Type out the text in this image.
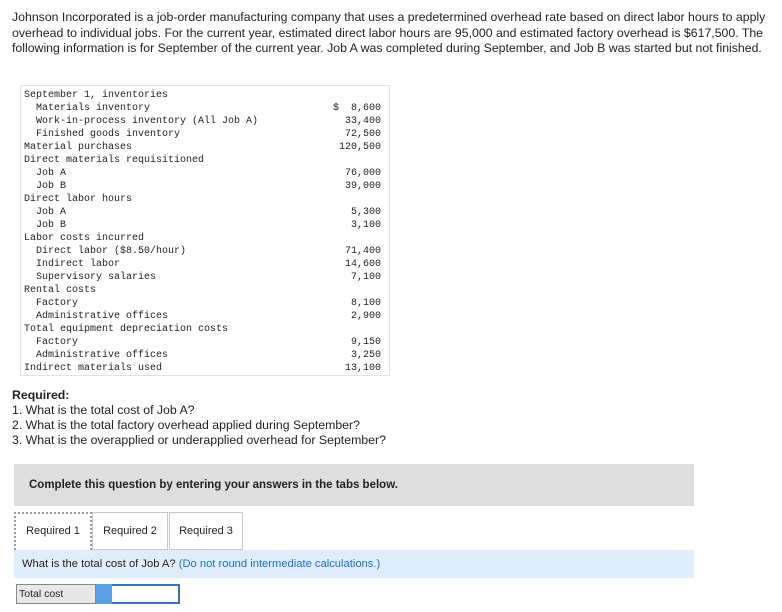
Johnson Incorporated is a job-order manufacturing company that uses a predetermined overhead rate based on direct labor hours to apply overhead to individual jobs. For the current year, estimated direct labor hours are 95,000 and estimated factory overhead is $617,500. The following information is for September of the current year. Job A was completed during September, and Job B was started but not finished.
September 1, inventories
Materials inventory	$  8,600
Work-in-process inventory (All Job A)	33,400
Finished goods inventory	72,500
Material purchases	120,500
Direct materials requisitioned
Job A	76,000
Job B	39,000
Direct labor hours
Job A	5,300
Job B	3,100
Labor costs incurred
Direct labor ($8.50/hour)	71,400
Indirect labor	14,600
Supervisory salaries	7,100
Rental costs
Factory	8,100
Administrative offices	2,900
Total equipment depreciation costs
Factory	9,150
Administrative offices	3,250
Indirect materials used	13,100
Required:
1. What is the total cost of Job A?
2. What is the total factory overhead applied during September?
3. What is the overapplied or underapplied overhead for September?
Complete this question by entering your answers in the tabs below.
Required 1	Required 2	Required 3
What is the total cost of Job A? (Do not round intermediate calculations.)
Total cost
